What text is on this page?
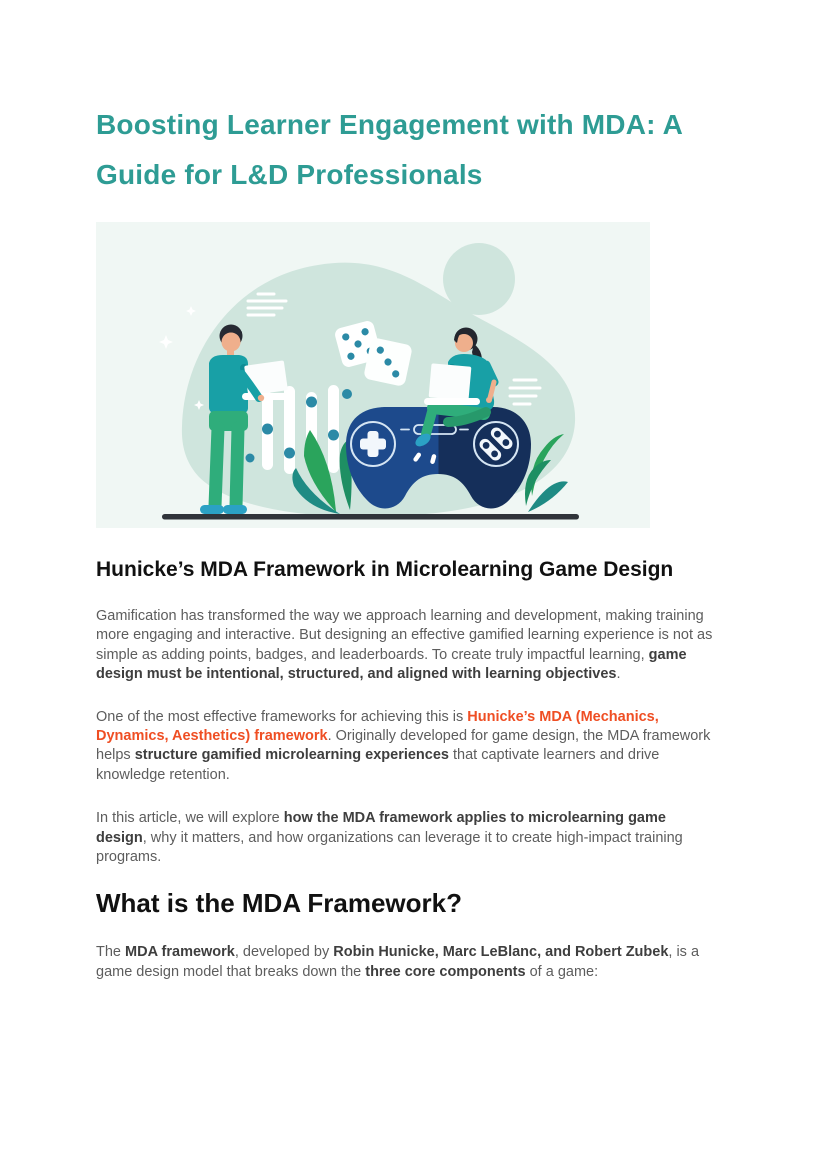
Boosting Learner Engagement with MDA: A Guide for L&D Professionals
Hunicke’s MDA Framework in Microlearning Game Design

Gamification has transformed the way we approach learning and development, making training more engaging and interactive. But designing an effective gamified learning experience is not as simple as adding points, badges, and leaderboards. To create truly impactful learning, game design must be intentional, structured, and aligned with learning objectives.

One of the most effective frameworks for achieving this is Hunicke’s MDA (Mechanics, Dynamics, Aesthetics) framework. Originally developed for game design, the MDA framework helps structure gamified microlearning experiences that captivate learners and drive knowledge retention.

In this article, we will explore how the MDA framework applies to microlearning game design, why it matters, and how organizations can leverage it to create high-impact training programs.

What is the MDA Framework?

The MDA framework, developed by Robin Hunicke, Marc LeBlanc, and Robert Zubek, is a game design model that breaks down the three core components of a game:
